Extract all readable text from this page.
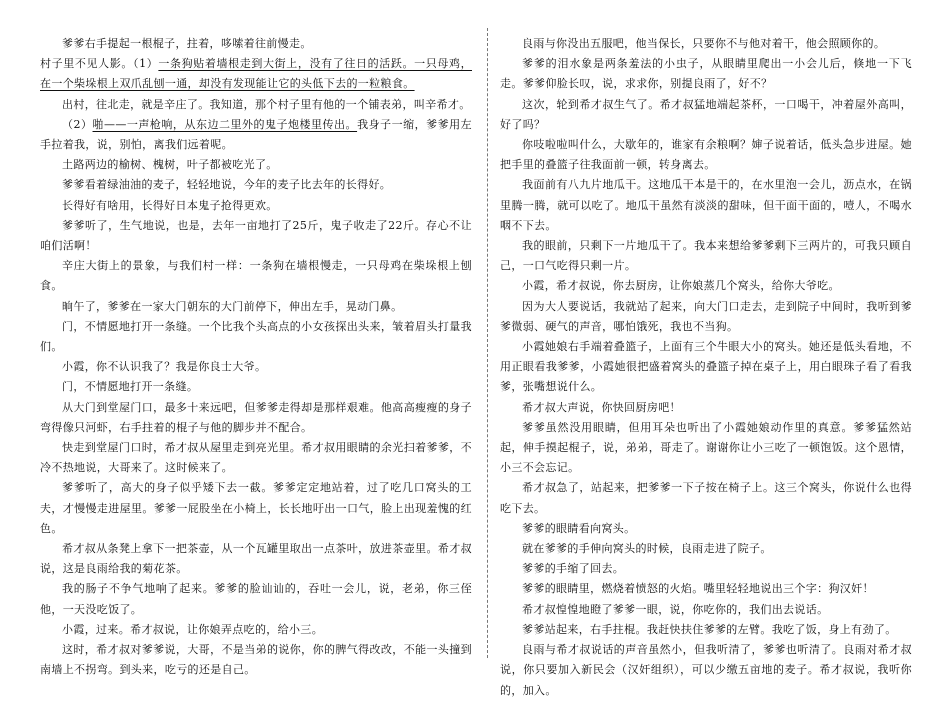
爹爹右手提起一根棍子，拄着，哆嗦着往前慢走。

村子里不见人影。（1）一条狗贴着墙根走到大街上，没有了往日的活跃。一只母鸡，在一个柴垛根上双爪乱刨一通，却没有发现能让它的头低下去的一粒粮食。

出村，往北走，就是辛庄了。我知道，那个村子里有他的一个铺表弟，叫辛希才。

（2）啪——一声枪响，从东边二里外的鬼子炮楼里传出。我身子一缩，爹爹用左手拉着我，说，别怕，离我们远着呢。

土路两边的榆树、槐树，叶子都被吃光了。

爹爹看着绿油油的麦子，轻轻地说，今年的麦子比去年的长得好。

长得好有啥用，长得好日本鬼子抢得更欢。

爹爹听了，生气地说，也是，去年一亩地打了25斤，鬼子收走了22斤。存心不让咱们活啊！

辛庄大街上的景象，与我们村一样：一条狗在墙根慢走，一只母鸡在柴垛根上刨食。

晌午了，爹爹在一家大门朝东的大门前停下，伸出左手，晃动门鼻。

门，不情愿地打开一条缝。一个比我个头高点的小女孩探出头来，皱着眉头打量我们。

小霞，你不认识我了？我是你良士大爷。

门，不情愿地打开一条缝。

从大门到堂屋门口，最多十来远吧，但爹爹走得却是那样艰难。他高高瘦瘦的身子弯得像只河虾，右手拄着的棍子与他的脚步并不配合。

快走到堂屋门口时，希才叔从屋里走到亮光里。希才叔用眼睛的余光扫着爹爹，不冷不热地说，大哥来了。这时候来了。

爹爹听了，高大的身子似乎矮下去一截。爹爹定定地站着，过了吃几口窝头的工夫，才慢慢走进屋里。爹爹一屁股坐在小椅上，长长地吁出一口气，脸上出现羞愧的红色。

希才叔从条凳上拿下一把茶壶，从一个瓦罐里取出一点茶叶，放进茶壶里。希才叔说，这是良雨给我的菊花茶。

我的肠子不争气地响了起来。爹爹的脸讪讪的，吞吐一会儿，说，老弟，你三侄他，一天没吃饭了。

小霞，过来。希才叔说，让你娘弄点吃的，给小三。

这时，希才叔对爹爹说，大哥，不是当弟的说你，你的脾气得改改，不能一头撞到南墙上不拐弯。到头来，吃亏的还是自己。

良雨与你没出五服吧，他当保长，只要你不与他对着干，他会照顾你的。

爹爹的泪水象是两条羞法的小虫子，从眼睛里爬出一小会儿后，倏地一下飞走。爹爹仰脸长叹，说，求求你，别提良雨了，好不？

这次，轮到希才叔生气了。希才叔猛地端起茶杯，一口喝干，冲着屋外高叫，好了吗？

你吱啦啦叫什么，大歇年的，谁家有余粮啊？婶子说着话，低头急步进屋。她把手里的叠篮子往我面前一顿，转身离去。

我面前有八九片地瓜干。这地瓜干本是干的，在水里泡一会儿，沥点水，在锅里腾一腾，就可以吃了。地瓜干虽然有淡淡的甜味，但干面干面的，噎人，不喝水咽不下去。

我的眼前，只剩下一片地瓜干了。我本来想给爹爹剩下三两片的，可我只顾自己，一口气吃得只剩一片。

小霞，希才叔说，你去厨房，让你娘蒸几个窝头，给你大爷吃。

因为大人要说话，我就站了起来，向大门口走去，走到院子中间时，我听到爹爹微弱、硬气的声音，哪怕饿死，我也不当狗。

小霞她娘右手端着叠篮子，上面有三个牛眼大小的窝头。她还是低头看地，不用正眼看我爹爹，小霞她很把盛着窝头的叠篮子掉在桌子上，用白眼珠子看了看我爹，张嘴想说什么。

希才叔大声说，你快回厨房吧！

爹爹虽然没用眼睛，但用耳朵也听出了小霞她娘动作里的真意。爹爹猛然站起，伸手摸起棍子，说，弟弟，哥走了。谢谢你让小三吃了一顿饱饭。这个恩情，小三不会忘记。

希才叔急了，站起来，把爹爹一下子按在椅子上。这三个窝头，你说什么也得吃下去。

爹爹的眼睛看向窝头。

就在爹爹的手伸向窝头的时候，良雨走进了院子。

爹爹的手缩了回去。

爹爹的眼睛里，燃烧着愤怒的火焰。嘴里轻轻地说出三个字：狗汉奸！

希才叔惶惶地瞪了爹爹一眼，说，你吃你的，我们出去说话。

爹爹站起来，右手拄棍。我赶快扶住爹爹的左臂。我吃了饭，身上有劲了。

良雨与希才叔说话的声音虽然小，但我听清了，爹爹也听清了。良雨对希才叔说，你只要加入新民会（汉奸组织），可以少缴五亩地的麦子。希才叔说，我听你的，加入。
